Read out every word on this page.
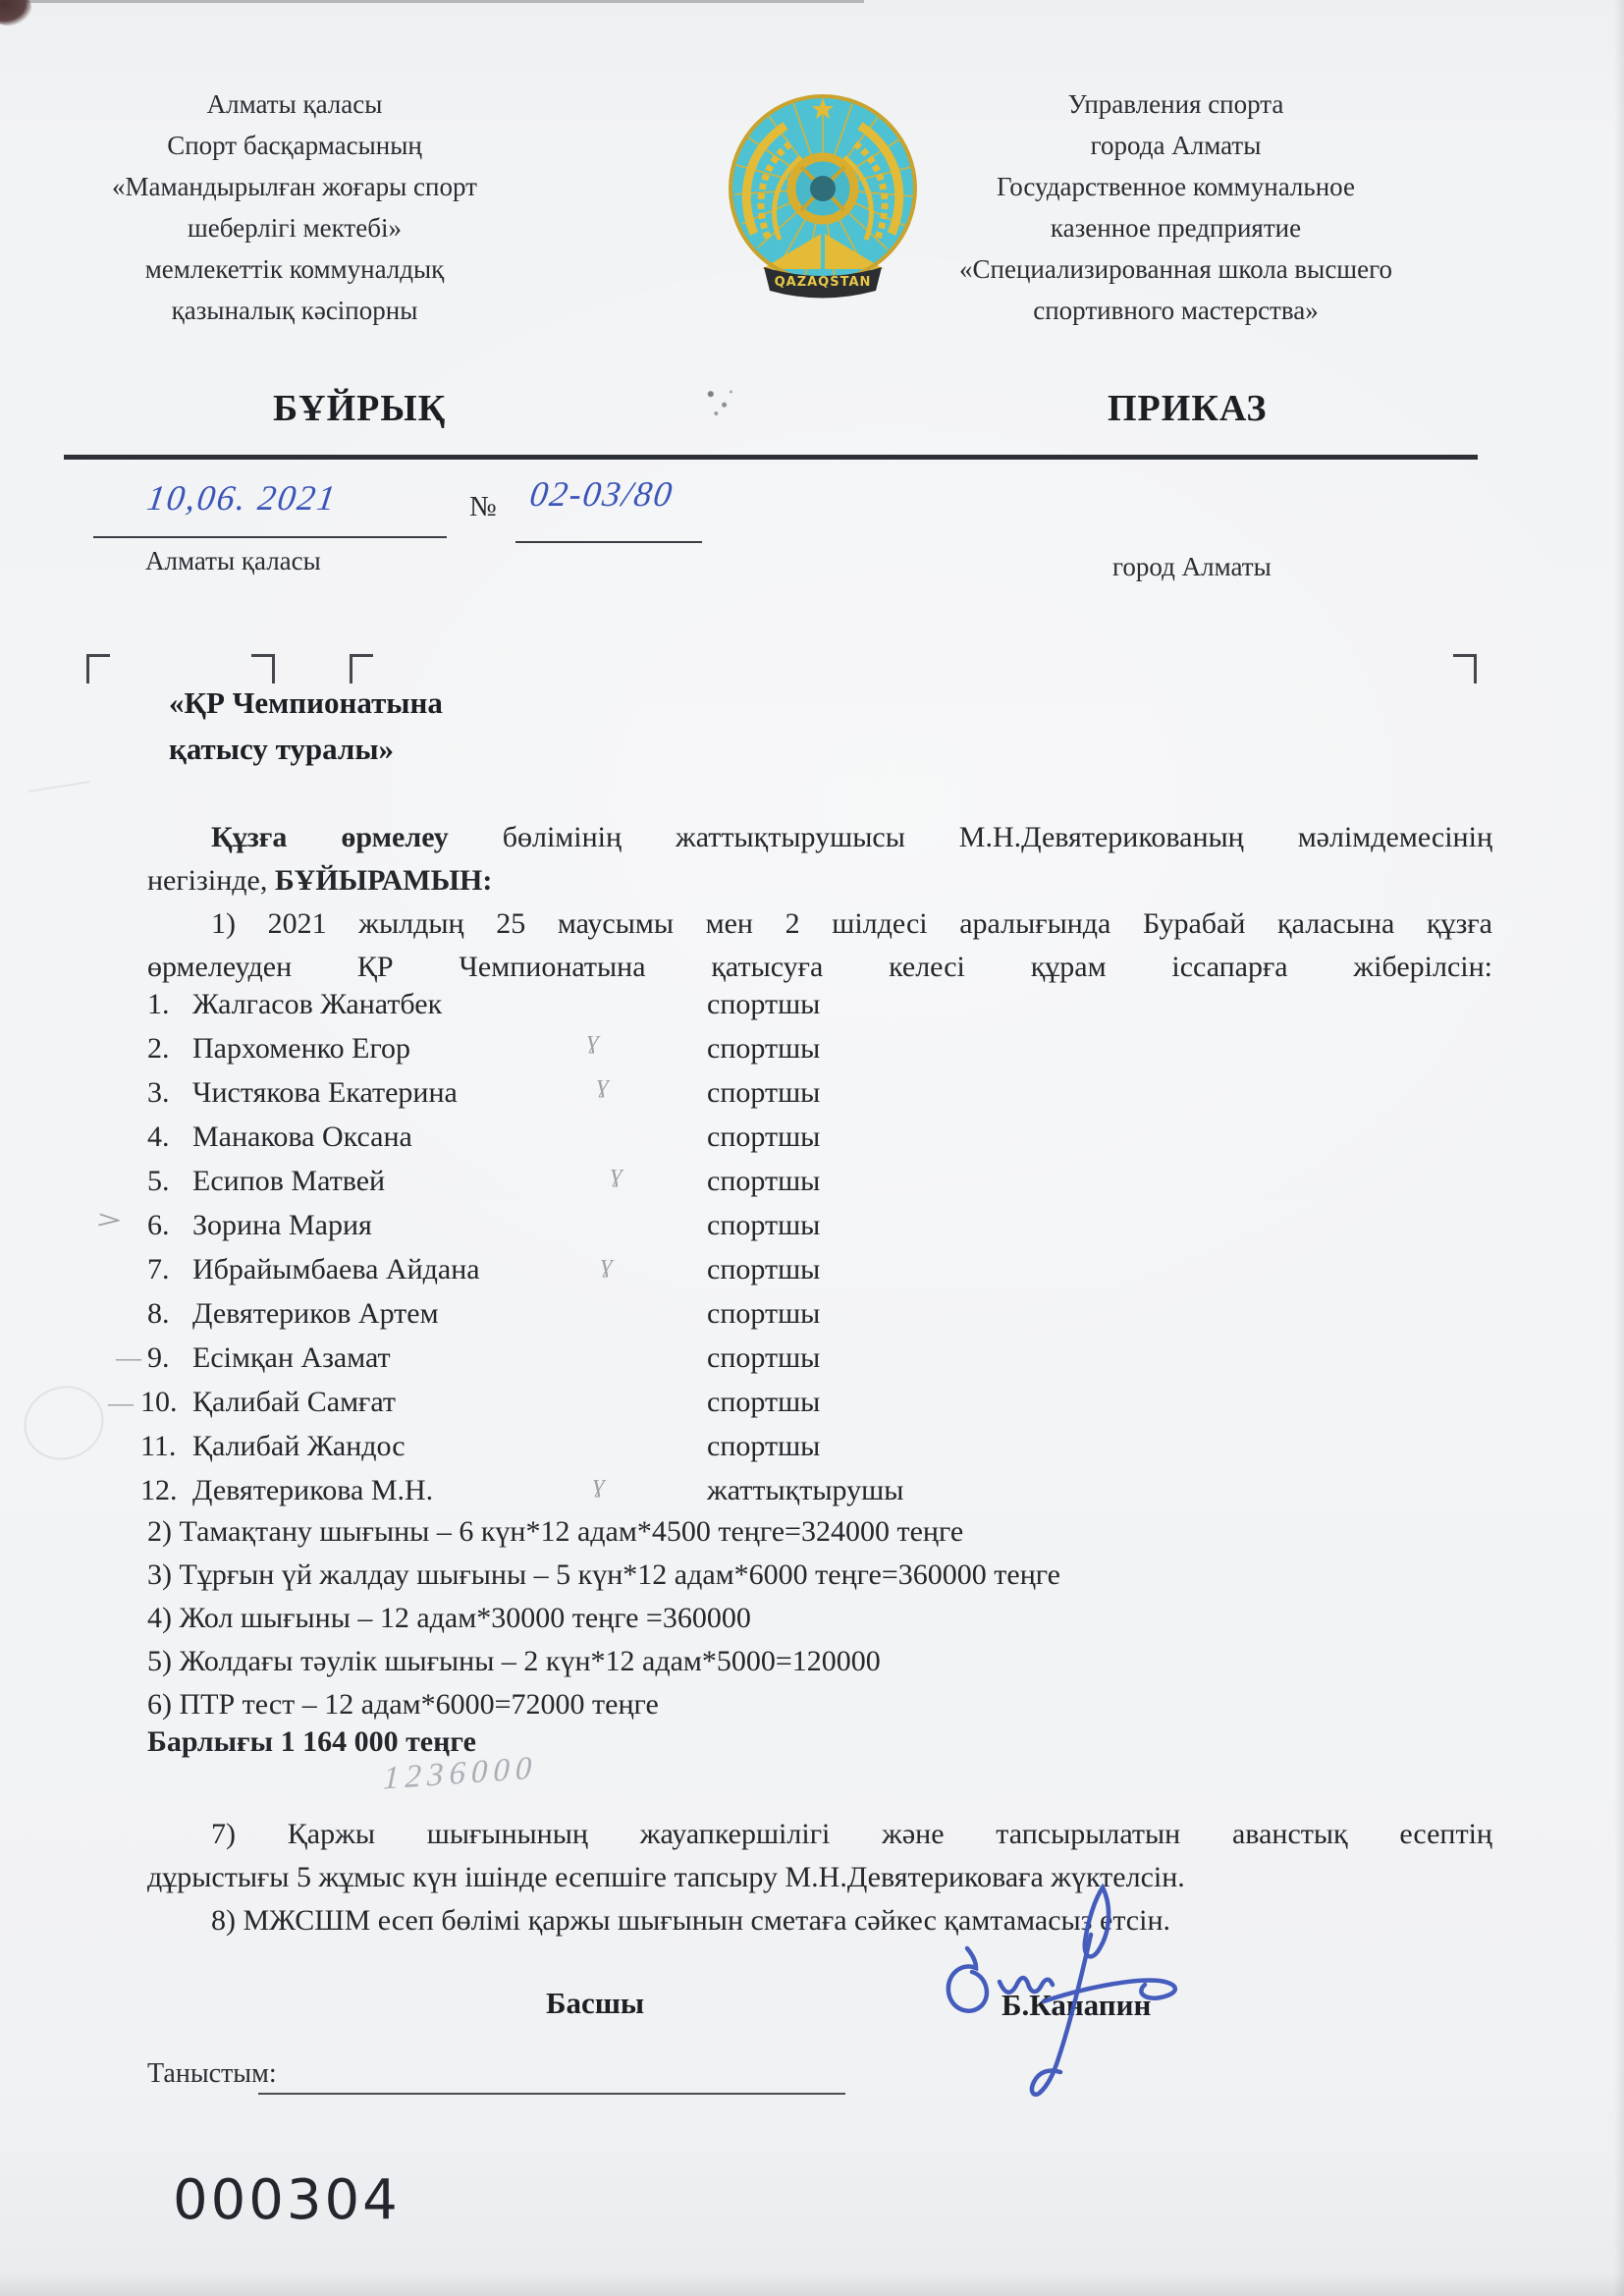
Алматы қаласы
Спорт басқармасының
«Мамандырылған жоғары спорт
шеберлігі мектебі»
мемлекеттік коммуналдық
қазыналық кәсіпорны
QAZAQSTAN
Управления спорта
города Алматы
Государственное коммунальное
казенное предприятие
«Специализированная школа высшего
спортивного мастерства»
БҰЙРЫҚ	ПРИКАЗ
10,06. 2021	№ 02-03/80
Алматы қаласы	город Алматы
«ҚР Чемпионатына
қатысу туралы»
Құзға өрмелеу бөлімінің жаттықтырушысы М.Н.Девятерикованың мәлімдемесінің
негізінде, БҰЙЫРАМЫН:
1) 2021 жылдың 25 маусымы мен 2 шілдесі аралығында Бурабай қаласына құзға
өрмелеуден ҚР Чемпионатына қатысуға келесі құрам іссапарға жіберілсін:
1. Жалгасов Жанатбек	спортшы
2. Пархоменко Егор	спортшы
3. Чистякова Екатерина	спортшы
4. Манакова Оксана	спортшы
5. Есипов Матвей	спортшы
6. Зорина Мария	спортшы
7. Ибрайымбаева Айдана	спортшы
8. Девятериков Артем	спортшы
9. Есімқан Азамат	спортшы
10. Қалибай Самғат	спортшы
11. Қалибай Жандос	спортшы
12. Девятерикова М.Н.	жаттықтырушы
>
—
—
ɣ
ɣ
ɣ
ɣ
ɣ
2) Тамақтану шығыны – 6 күн*12 адам*4500 теңге=324000 теңге
3) Тұрғын үй жалдау шығыны – 5 күн*12 адам*6000 теңге=360000 теңге
4) Жол шығыны – 12 адам*30000 теңге =360000
5) Жолдағы тәулік шығыны – 2 күн*12 адам*5000=120000
6) ПТР тест – 12 адам*6000=72000 теңге
Барлығы 1 164 000 теңге
1236000
7) Қаржы шығынының жауапкершілігі және тапсырылатын аванстық есептің
дұрыстығы 5 жұмыс күн ішінде есепшіге тапсыру М.Н.Девятериковаға жүктелсін.
8) МЖСШМ есеп бөлімі қаржы шығынын сметаға сәйкес қамтамасыз етсін.
Басшы	Б.Канапин
Таныстым:
000304
